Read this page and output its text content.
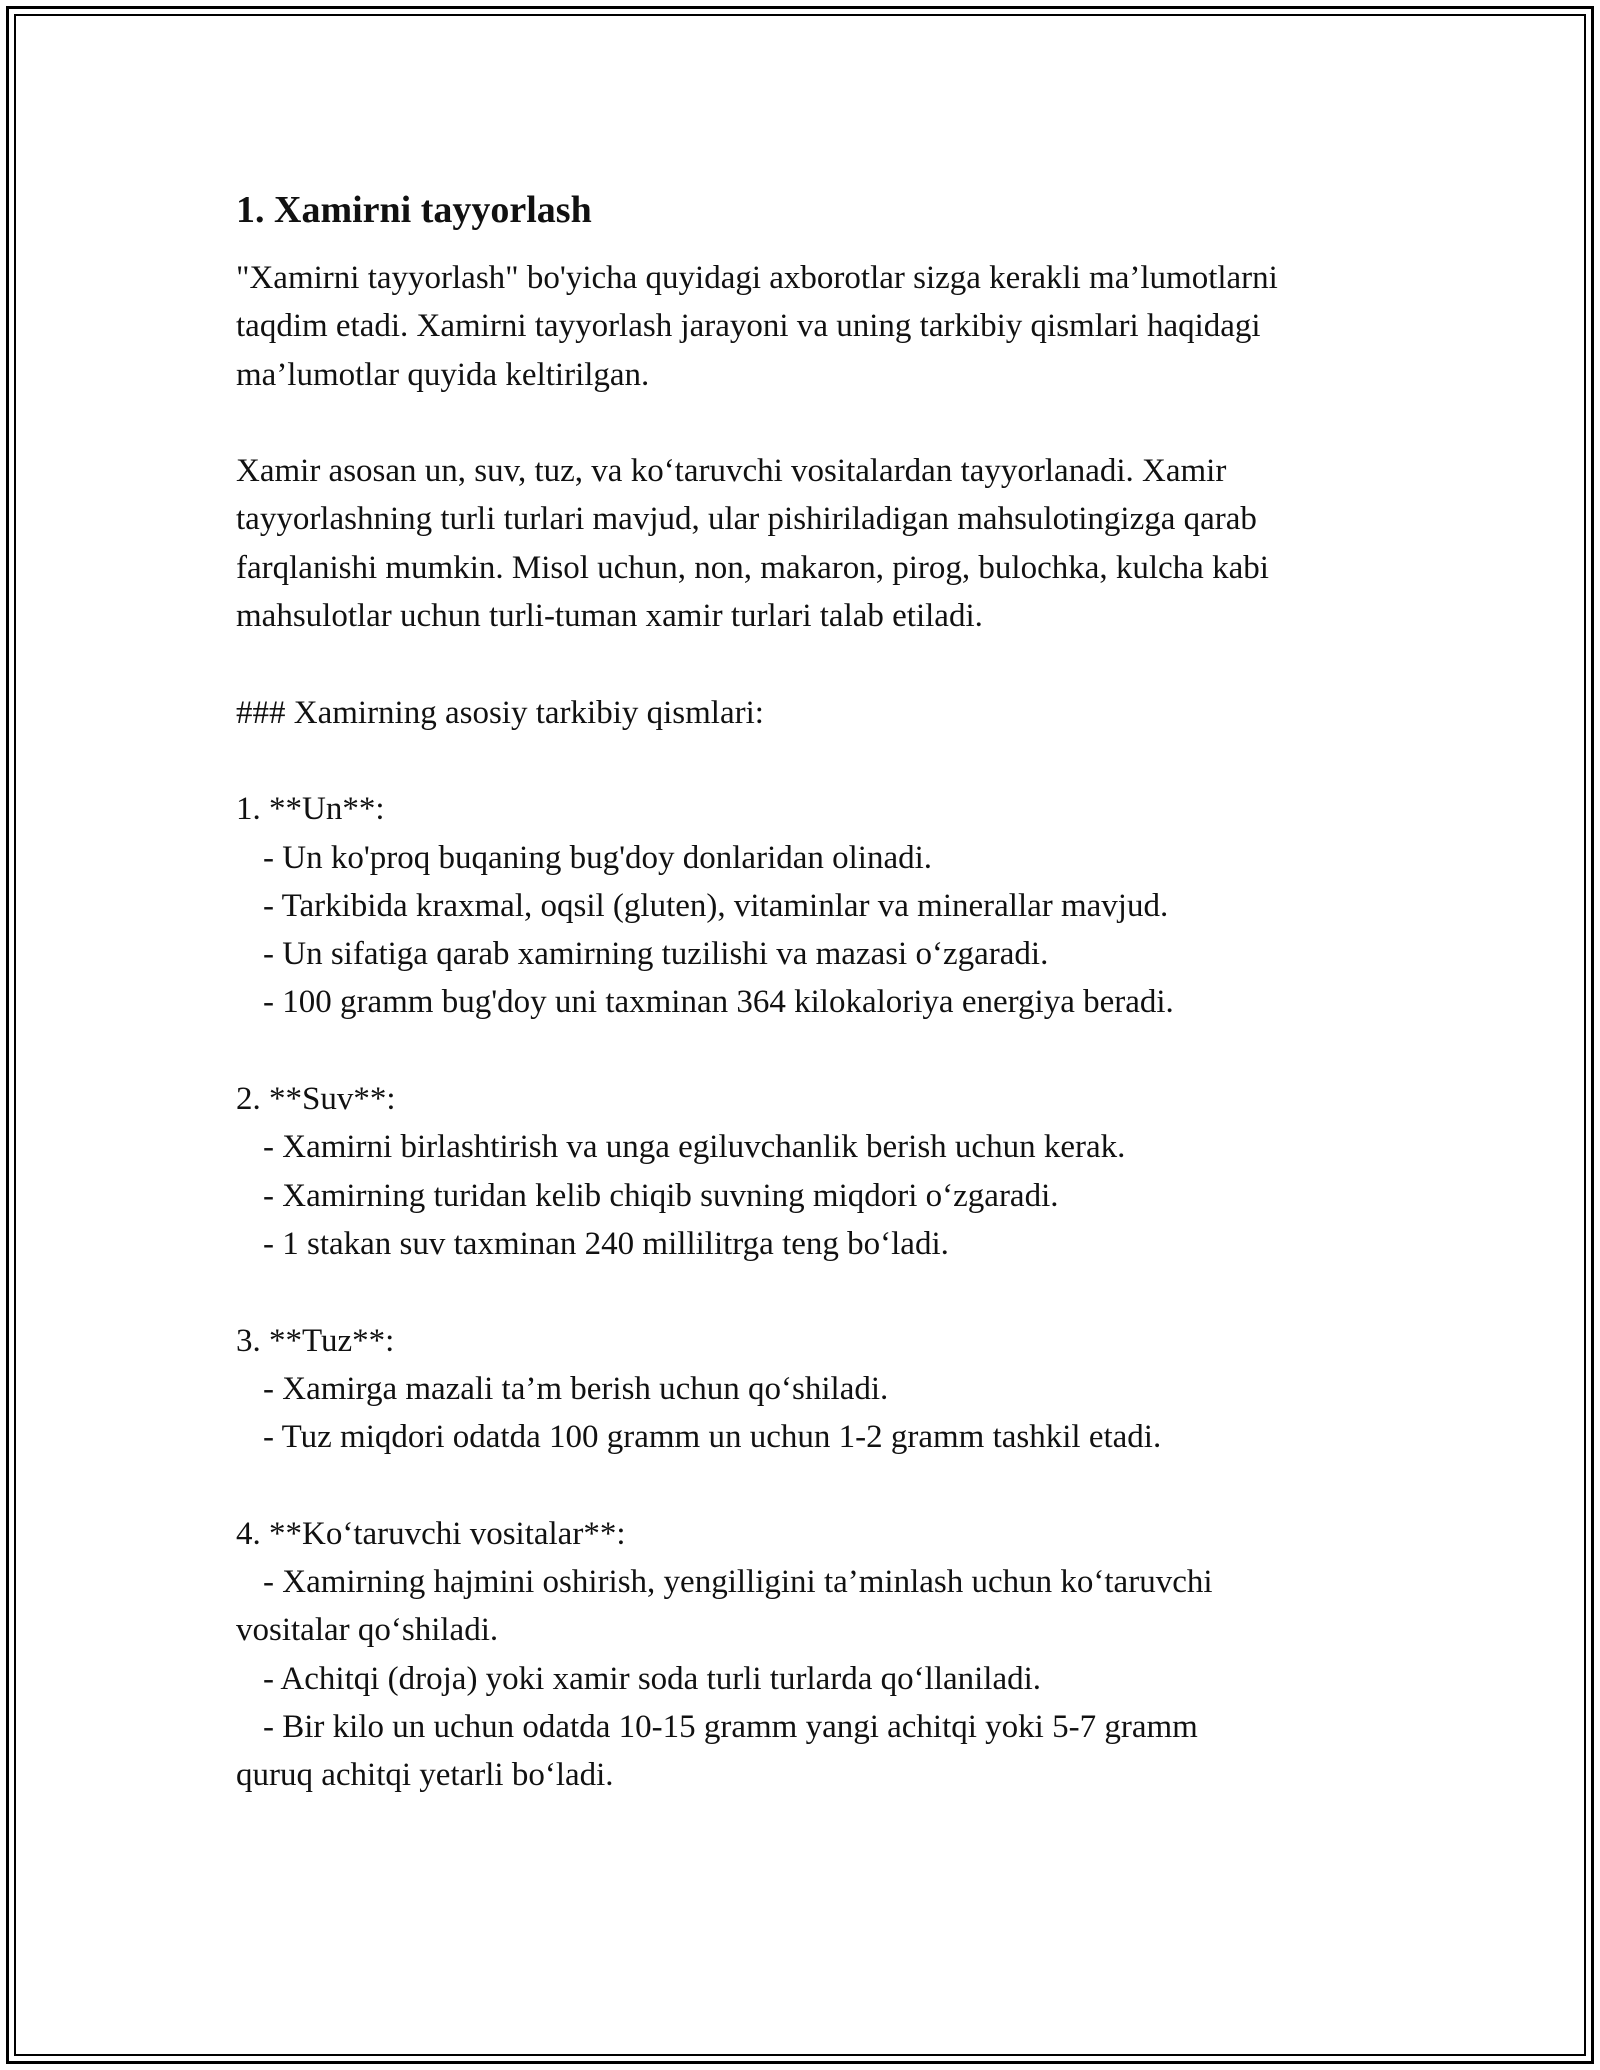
1. Xamirni tayyorlash

"Xamirni tayyorlash" bo'yicha quyidagi axborotlar sizga kerakli ma’lumotlarni taqdim etadi. Xamirni tayyorlash jarayoni va uning tarkibiy qismlari haqidagi ma’lumotlar quyida keltirilgan.

Xamir asosan un, suv, tuz, va ko‘taruvchi vositalardan tayyorlanadi. Xamir tayyorlashning turli turlari mavjud, ular pishiriladigan mahsulotingizga qarab farqlanishi mumkin. Misol uchun, non, makaron, pirog, bulochka, kulcha kabi mahsulotlar uchun turli-tuman xamir turlari talab etiladi.

### Xamirning asosiy tarkibiy qismlari:
1. **Un**:
- Un ko'proq buqaning bug'doy donlaridan olinadi.
- Tarkibida kraxmal, oqsil (gluten), vitaminlar va minerallar mavjud.
- Un sifatiga qarab xamirning tuzilishi va mazasi o‘zgaradi.
- 100 gramm bug'doy uni taxminan 364 kilokaloriya energiya beradi.
2. **Suv**:
- Xamirni birlashtirish va unga egiluvchanlik berish uchun kerak.
- Xamirning turidan kelib chiqib suvning miqdori o‘zgaradi.
- 1 stakan suv taxminan 240 millilitrga teng bo‘ladi.
3. **Tuz**:
- Xamirga mazali ta’m berish uchun qo‘shiladi.
- Tuz miqdori odatda 100 gramm un uchun 1-2 gramm tashkil etadi.
4. **Ko‘taruvchi vositalar**:
- Xamirning hajmini oshirish, yengilligini ta’minlash uchun ko‘taruvchi
vositalar qo‘shiladi.
- Achitqi (droja) yoki xamir soda turli turlarda qo‘llaniladi.
- Bir kilo un uchun odatda 10-15 gramm yangi achitqi yoki 5-7 gramm
quruq achitqi yetarli bo‘ladi.
